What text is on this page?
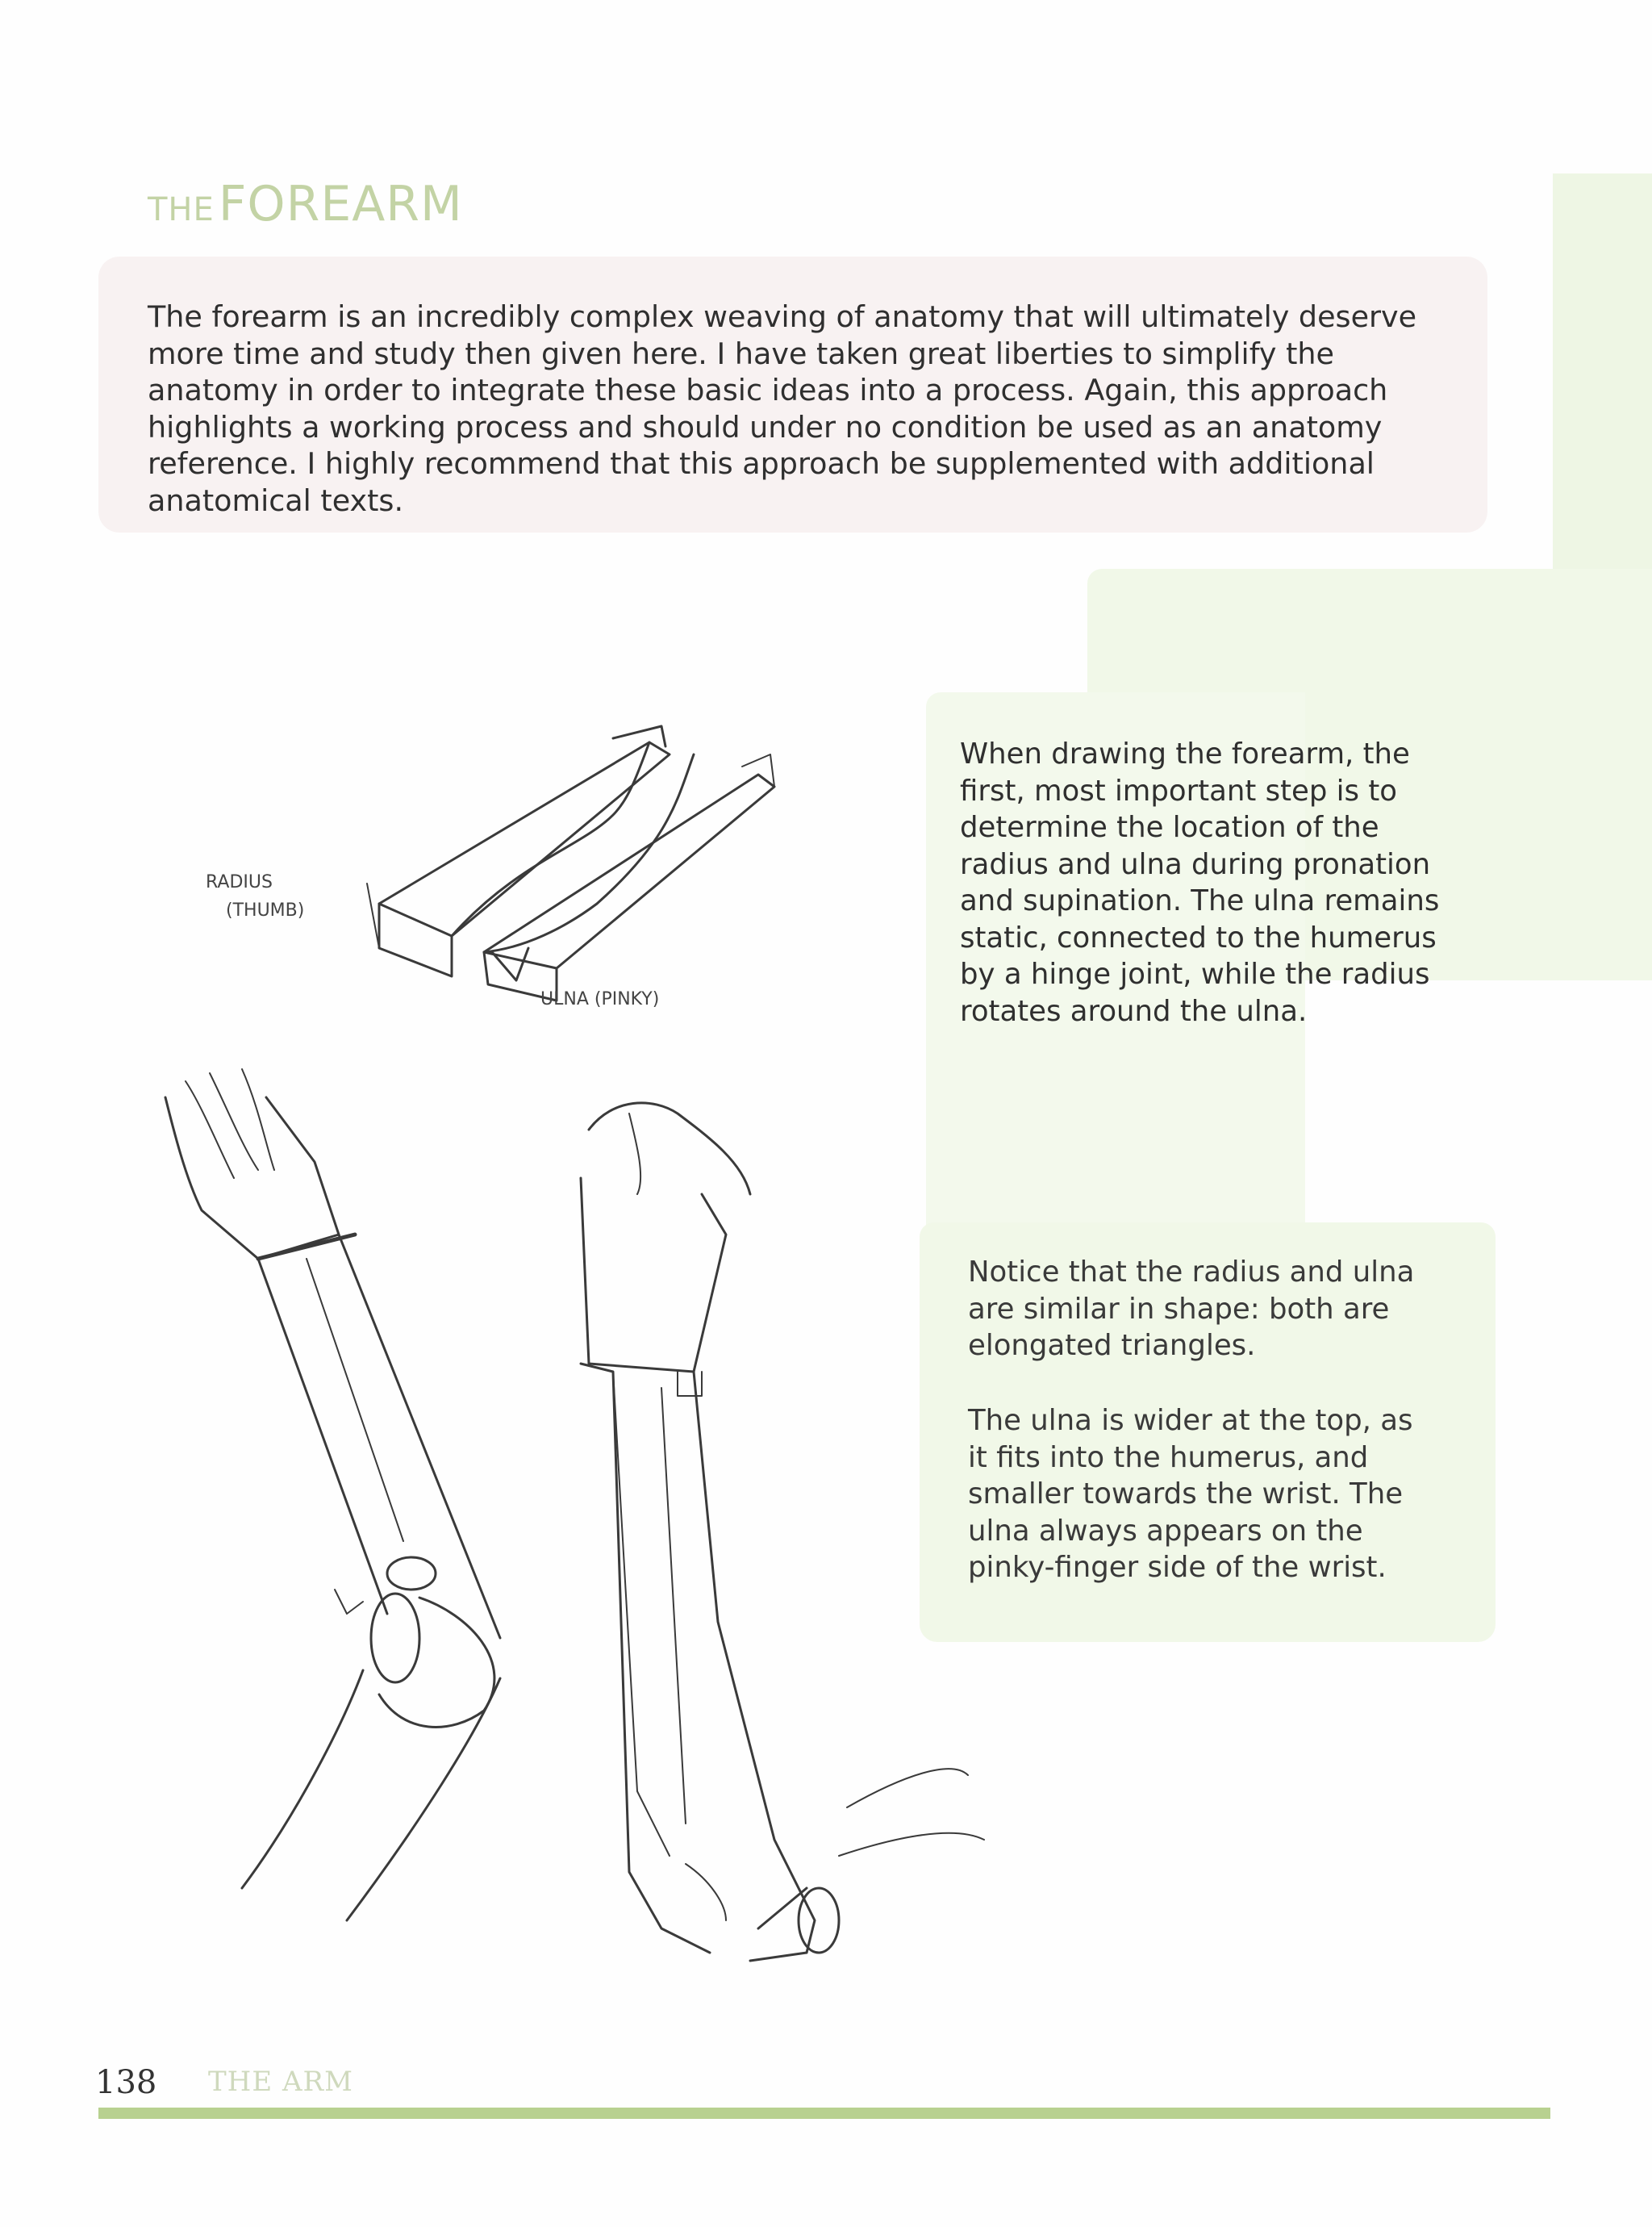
THE FOREARM
The forearm is an incredibly complex weaving of anatomy that will ultimately deserve more time and study then given here. I have taken great liberties to simplify the anatomy in order to integrate these basic ideas into a process. Again, this approach highlights a working process and should under no condition be used as an anatomy reference. I highly recommend that this approach be supplemented with additional anatomical texts.
When drawing the forearm, the first, most important step is to determine the location of the radius and ulna during pronation and supination. The ulna remains static, connected to the humerus by a hinge joint, while the radius rotates around the ulna.
Notice that the radius and ulna are similar in shape: both are elongated triangles.
The ulna is wider at the top, as it fits into the humerus, and smaller towards the wrist. The ulna always appears on the pinky-finger side of the wrist.
RADIUS
(THUMB)
ULNA (PINKY)
138 THE ARM
